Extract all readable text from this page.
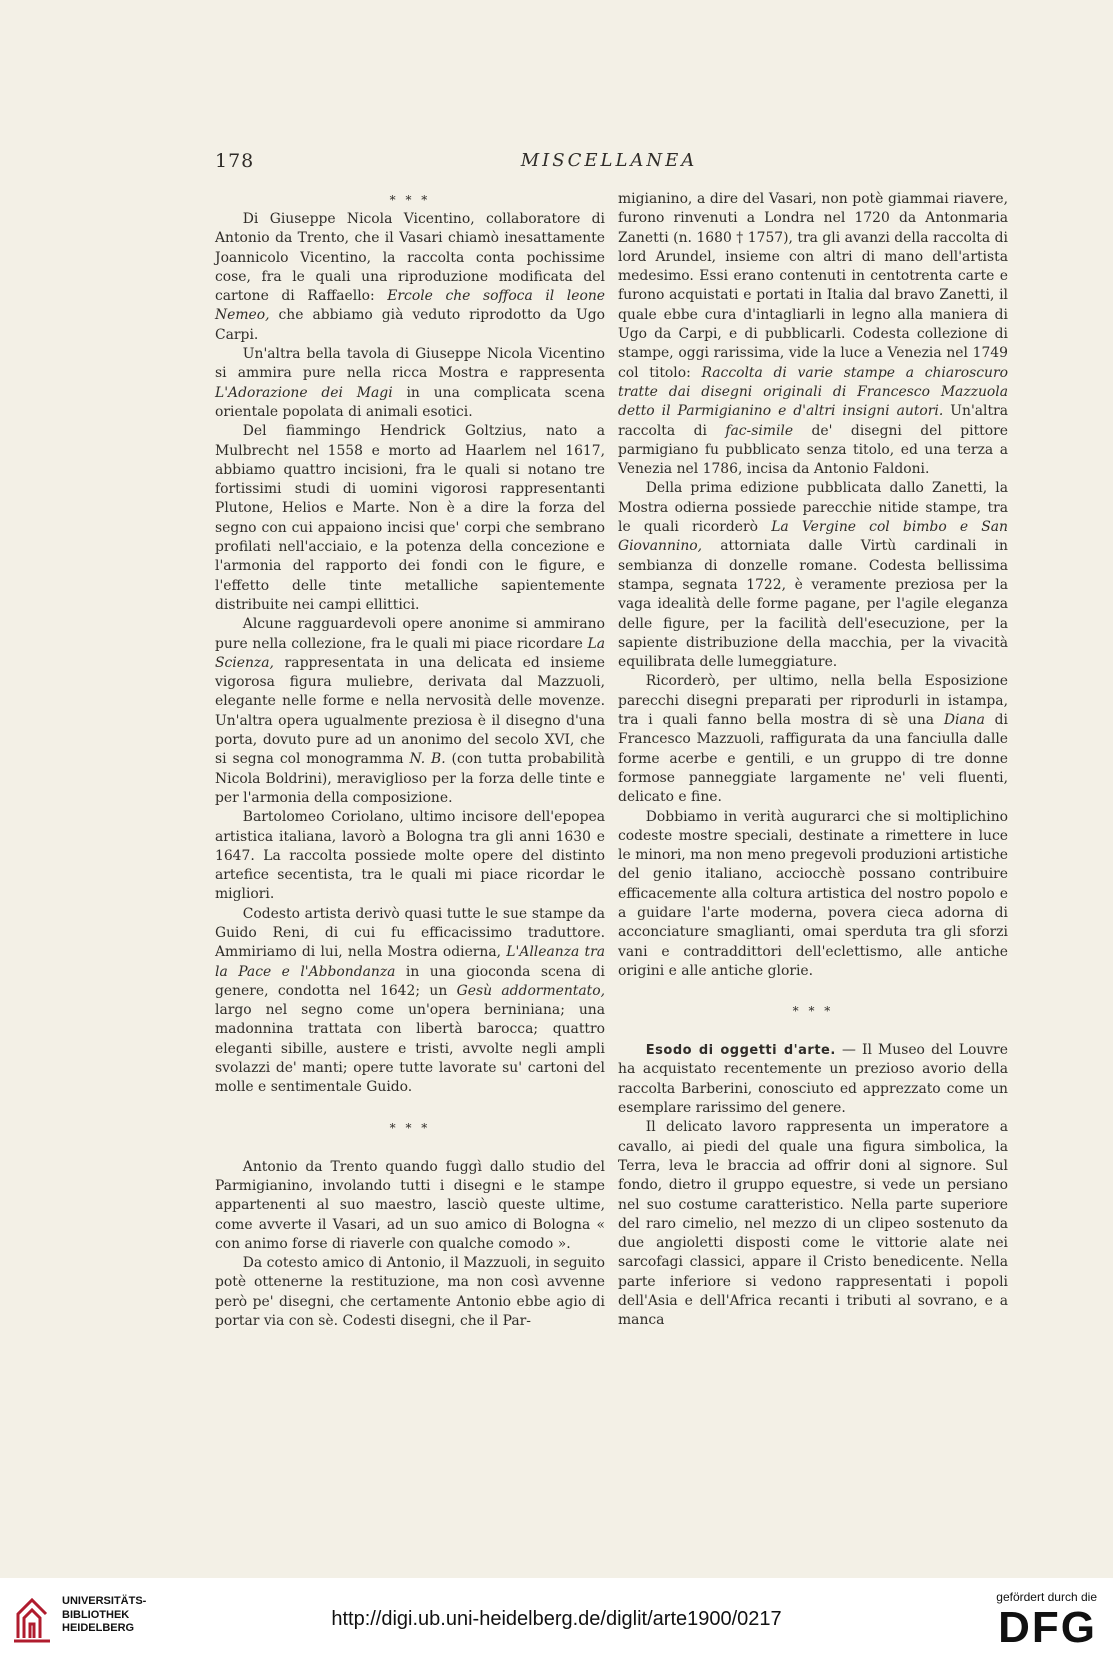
178	MISCELLANEA
* * *

Di Giuseppe Nicola Vicentino, collaboratore di Antonio da Trento, che il Vasari chiamò inesattamente Joannicolo Vicentino, la raccolta conta pochissime cose, fra le quali una riproduzione modificata del cartone di Raffaello: Ercole che soffoca il leone Nemeo, che abbiamo già veduto riprodotto da Ugo Carpi.

Un'altra bella tavola di Giuseppe Nicola Vicentino si ammira pure nella ricca Mostra e rappresenta L'Adorazione dei Magi in una complicata scena orientale popolata di animali esotici.

Del fiammingo Hendrick Goltzius, nato a Mulbrecht nel 1558 e morto ad Haarlem nel 1617, abbiamo quattro incisioni, fra le quali si notano tre fortissimi studi di uomini vigorosi rappresentanti Plutone, Helios e Marte. Non è a dire la forza del segno con cui appaiono incisi que' corpi che sembrano profilati nell'acciaio, e la potenza della concezione e l'armonia del rapporto dei fondi con le figure, e l'effetto delle tinte metalliche sapientemente distribuite nei campi ellittici.

Alcune ragguardevoli opere anonime si ammirano pure nella collezione, fra le quali mi piace ricordare La Scienza, rappresentata in una delicata ed insieme vigorosa figura muliebre, derivata dal Mazzuoli, elegante nelle forme e nella nervosità delle movenze. Un'altra opera ugualmente preziosa è il disegno d'una porta, dovuto pure ad un anonimo del secolo XVI, che si segna col monogramma N. B. (con tutta probabilità Nicola Boldrini), meraviglioso per la forza delle tinte e per l'armonia della composizione.

Bartolomeo Coriolano, ultimo incisore dell'epopea artistica italiana, lavorò a Bologna tra gli anni 1630 e 1647. La raccolta possiede molte opere del distinto artefice secentista, tra le quali mi piace ricordar le migliori.

Codesto artista derivò quasi tutte le sue stampe da Guido Reni, di cui fu efficacissimo traduttore. Ammiriamo di lui, nella Mostra odierna, L'Alleanza tra la Pace e l'Abbondanza in una gioconda scena di genere, condotta nel 1642; un Gesù addormentato, largo nel segno come un'opera berniniana; una madonnina trattata con libertà barocca; quattro eleganti sibille, austere e tristi, avvolte negli ampli svolazzi de' manti; opere tutte lavorate su' cartoni del molle e sentimentale Guido.

* * *

Antonio da Trento quando fuggì dallo studio del Parmigianino, involando tutti i disegni e le stampe appartenenti al suo maestro, lasciò queste ultime, come avverte il Vasari, ad un suo amico di Bologna « con animo forse di riaverle con qualche comodo ».

Da cotesto amico di Antonio, il Mazzuoli, in seguito potè ottenerne la restituzione, ma non così avvenne però pe' disegni, che certamente Antonio ebbe agio di portar via con sè. Codesti disegni, che il Par-

migianino, a dire del Vasari, non potè giammai riavere, furono rinvenuti a Londra nel 1720 da Antonmaria Zanetti (n. 1680 † 1757), tra gli avanzi della raccolta di lord Arundel, insieme con altri di mano dell'artista medesimo. Essi erano contenuti in centotrenta carte e furono acquistati e portati in Italia dal bravo Zanetti, il quale ebbe cura d'intagliarli in legno alla maniera di Ugo da Carpi, e di pubblicarli. Codesta collezione di stampe, oggi rarissima, vide la luce a Venezia nel 1749 col titolo: Raccolta di varie stampe a chiaroscuro tratte dai disegni originali di Francesco Mazzuola detto il Parmigianino e d'altri insigni autori. Un'altra raccolta di fac-simile de' disegni del pittore parmigiano fu pubblicato senza titolo, ed una terza a Venezia nel 1786, incisa da Antonio Faldoni.

Della prima edizione pubblicata dallo Zanetti, la Mostra odierna possiede parecchie nitide stampe, tra le quali ricorderò La Vergine col bimbo e San Giovannino, attorniata dalle Virtù cardinali in sembianza di donzelle romane. Codesta bellissima stampa, segnata 1722, è veramente preziosa per la vaga idealità delle forme pagane, per l'agile eleganza delle figure, per la facilità dell'esecuzione, per la sapiente distribuzione della macchia, per la vivacità equilibrata delle lumeggiature.

Ricorderò, per ultimo, nella bella Esposizione parecchi disegni preparati per riprodurli in istampa, tra i quali fanno bella mostra di sè una Diana di Francesco Mazzuoli, raffigurata da una fanciulla dalle forme acerbe e gentili, e un gruppo di tre donne formose panneggiate largamente ne' veli fluenti, delicato e fine.

Dobbiamo in verità augurarci che si moltiplichino codeste mostre speciali, destinate a rimettere in luce le minori, ma non meno pregevoli produzioni artistiche del genio italiano, acciocchè possano contribuire efficacemente alla coltura artistica del nostro popolo e a guidare l'arte moderna, povera cieca adorna di acconciature smaglianti, omai sperduta tra gli sforzi vani e contraddittori dell'eclettismo, alle antiche origini e alle antiche glorie.

* * *

Esodo di oggetti d'arte. — Il Museo del Louvre ha acquistato recentemente un prezioso avorio della raccolta Barberini, conosciuto ed apprezzato come un esemplare rarissimo del genere.

Il delicato lavoro rappresenta un imperatore a cavallo, ai piedi del quale una figura simbolica, la Terra, leva le braccia ad offrir doni al signore. Sul fondo, dietro il gruppo equestre, si vede un persiano nel suo costume caratteristico. Nella parte superiore del raro cimelio, nel mezzo di un clipeo sostenuto da due angioletti disposti come le vittorie alate nei sarcofagi classici, appare il Cristo benedicente. Nella parte inferiore si vedono rappresentati i popoli dell'Asia e dell'Africa recanti i tributi al sovrano, e a manca

UNIVERSITÄTS-
BIBLIOTHEK
HEIDELBERG	http://digi.ub.uni-heidelberg.de/diglit/arte1900/0217
gefördert durch die
DFG
